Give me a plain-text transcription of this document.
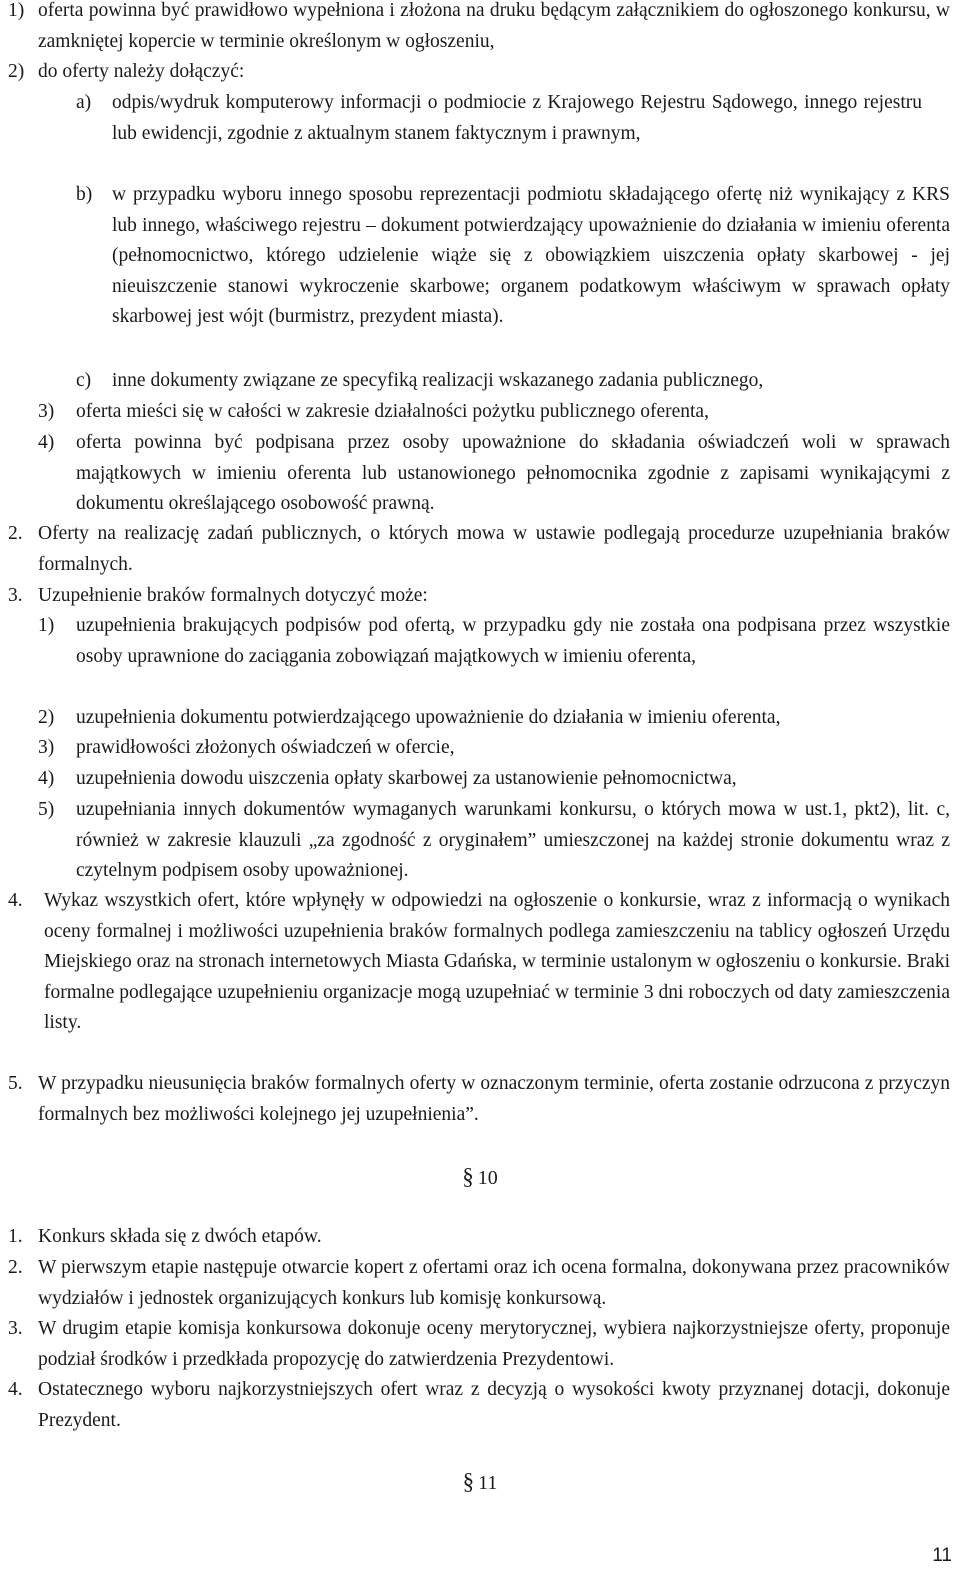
1) oferta powinna być prawidłowo wypełniona i złożona na druku będącym załącznikiem do ogłoszonego konkursu, w zamkniętej kopercie w terminie określonym w ogłoszeniu,
2) do oferty należy dołączyć:
a) odpis/wydruk komputerowy informacji o podmiocie z Krajowego Rejestru Sądowego, innego rejestru lub ewidencji, zgodnie z aktualnym stanem faktycznym i prawnym,
b) w przypadku wyboru innego sposobu reprezentacji podmiotu składającego ofertę niż wynikający z KRS lub innego, właściwego rejestru – dokument potwierdzający upoważnienie do działania w imieniu oferenta (pełnomocnictwo, którego udzielenie wiąże się z obowiązkiem uiszczenia opłaty skarbowej - jej nieuiszczenie stanowi wykroczenie skarbowe; organem podatkowym właściwym w sprawach opłaty skarbowej jest wójt (burmistrz, prezydent miasta).
c) inne dokumenty związane ze specyfiką realizacji wskazanego zadania publicznego,
3) oferta mieści się w całości w zakresie działalności pożytku publicznego oferenta,
4) oferta powinna być podpisana przez osoby upoważnione do składania oświadczeń woli w sprawach majątkowych w imieniu oferenta lub ustanowionego pełnomocnika zgodnie z zapisami wynikającymi z dokumentu określającego osobowość prawną.
2. Oferty na realizację zadań publicznych, o których mowa w ustawie podlegają procedurze uzupełniania braków formalnych.
3. Uzupełnienie braków formalnych dotyczyć może:
1) uzupełnienia brakujących podpisów pod ofertą, w przypadku gdy nie została ona podpisana przez wszystkie osoby uprawnione do zaciągania zobowiązań majątkowych w imieniu oferenta,
2) uzupełnienia dokumentu potwierdzającego upoważnienie do działania w imieniu oferenta,
3) prawidłowości złożonych oświadczeń w ofercie,
4) uzupełnienia dowodu uiszczenia opłaty skarbowej za ustanowienie pełnomocnictwa,
5) uzupełniania innych dokumentów wymaganych warunkami konkursu, o których mowa w ust.1, pkt2), lit. c, również w zakresie klauzuli „za zgodność z oryginałem” umieszczonej na każdej stronie dokumentu wraz z czytelnym podpisem osoby upoważnionej.
4. Wykaz wszystkich ofert, które wpłynęły w odpowiedzi na ogłoszenie o konkursie, wraz z informacją o wynikach oceny formalnej i możliwości uzupełnienia braków formalnych podlega zamieszczeniu na tablicy ogłoszeń Urzędu Miejskiego oraz na stronach internetowych Miasta Gdańska, w terminie ustalonym w ogłoszeniu o konkursie. Braki formalne podlegające uzupełnieniu organizacje mogą uzupełniać w terminie 3 dni roboczych od daty zamieszczenia listy.
5. W przypadku nieusunięcia braków formalnych oferty w oznaczonym terminie, oferta zostanie odrzucona z przyczyn formalnych bez możliwości kolejnego jej uzupełnienia”.
§ 10
1. Konkurs składa się z dwóch etapów.
2. W pierwszym etapie następuje otwarcie kopert z ofertami oraz ich ocena formalna, dokonywana przez pracowników wydziałów i jednostek organizujących konkurs lub komisję konkursową.
3. W drugim etapie komisja konkursowa dokonuje oceny merytorycznej, wybiera najkorzystniejsze oferty, proponuje podział środków i przedkłada propozycję do zatwierdzenia Prezydentowi.
4. Ostatecznego wyboru najkorzystniejszych ofert wraz z decyzją o wysokości kwoty przyznanej dotacji, dokonuje Prezydent.
§ 11
11
